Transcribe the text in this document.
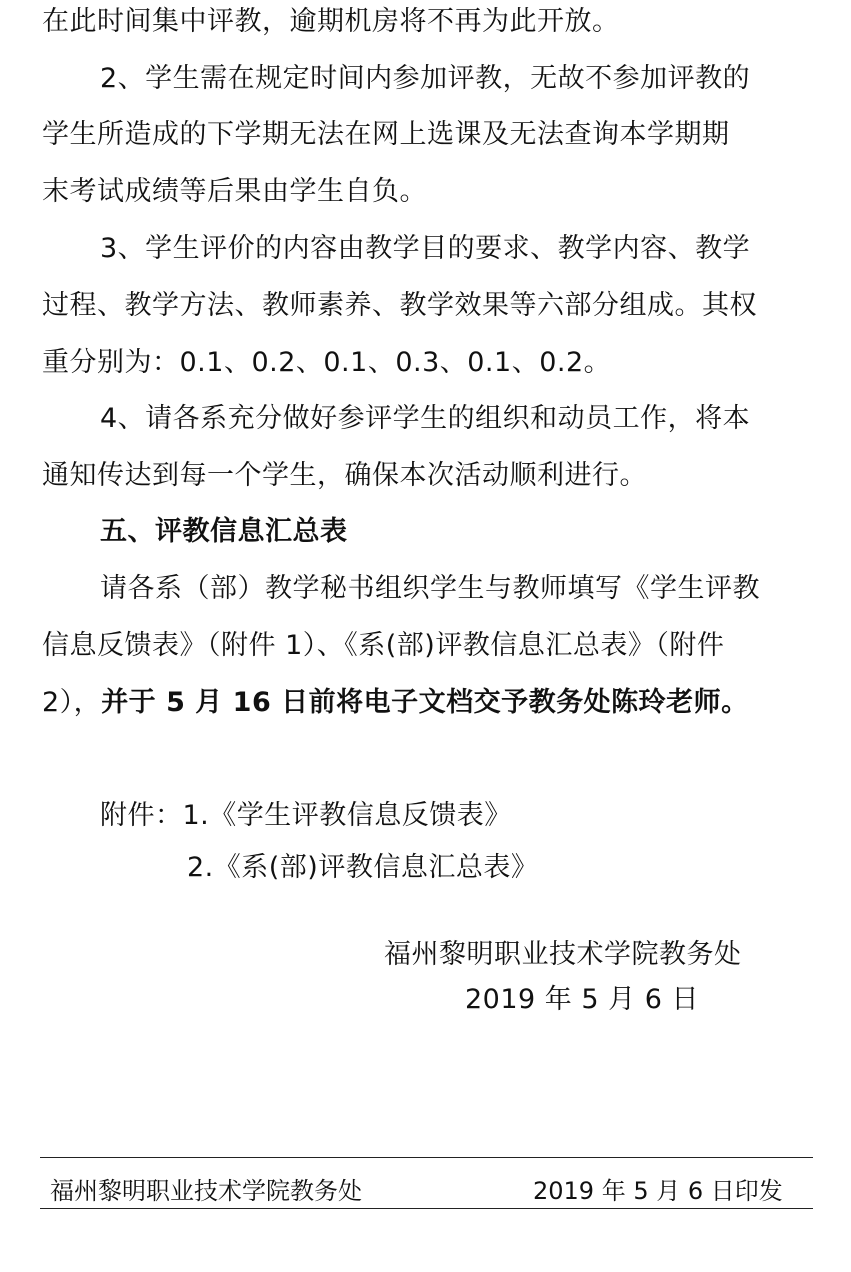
在此时间集中评教，逾期机房将不再为此开放。
2、学生需在规定时间内参加评教，无故不参加评教的
学生所造成的下学期无法在网上选课及无法查询本学期期
末考试成绩等后果由学生自负。
3、学生评价的内容由教学目的要求、教学内容、教学
过程、教学方法、教师素养、教学效果等六部分组成。其权
重分别为：0.1、0.2、0.1、0.3、0.1、0.2。
4、请各系充分做好参评学生的组织和动员工作，将本
通知传达到每一个学生，确保本次活动顺利进行。
五、评教信息汇总表
请各系（部）教学秘书组织学生与教师填写《学生评教
信息反馈表》（附件 1）、《系(部)评教信息汇总表》（附件
2），并于 5 月 16 日前将电子文档交予教务处陈玲老师。
附件：1.《学生评教信息反馈表》
2.《系(部)评教信息汇总表》
福州黎明职业技术学院教务处
2019 年 5 月 6 日
福州黎明职业技术学院教务处	2019 年 5 月 6 日印发
